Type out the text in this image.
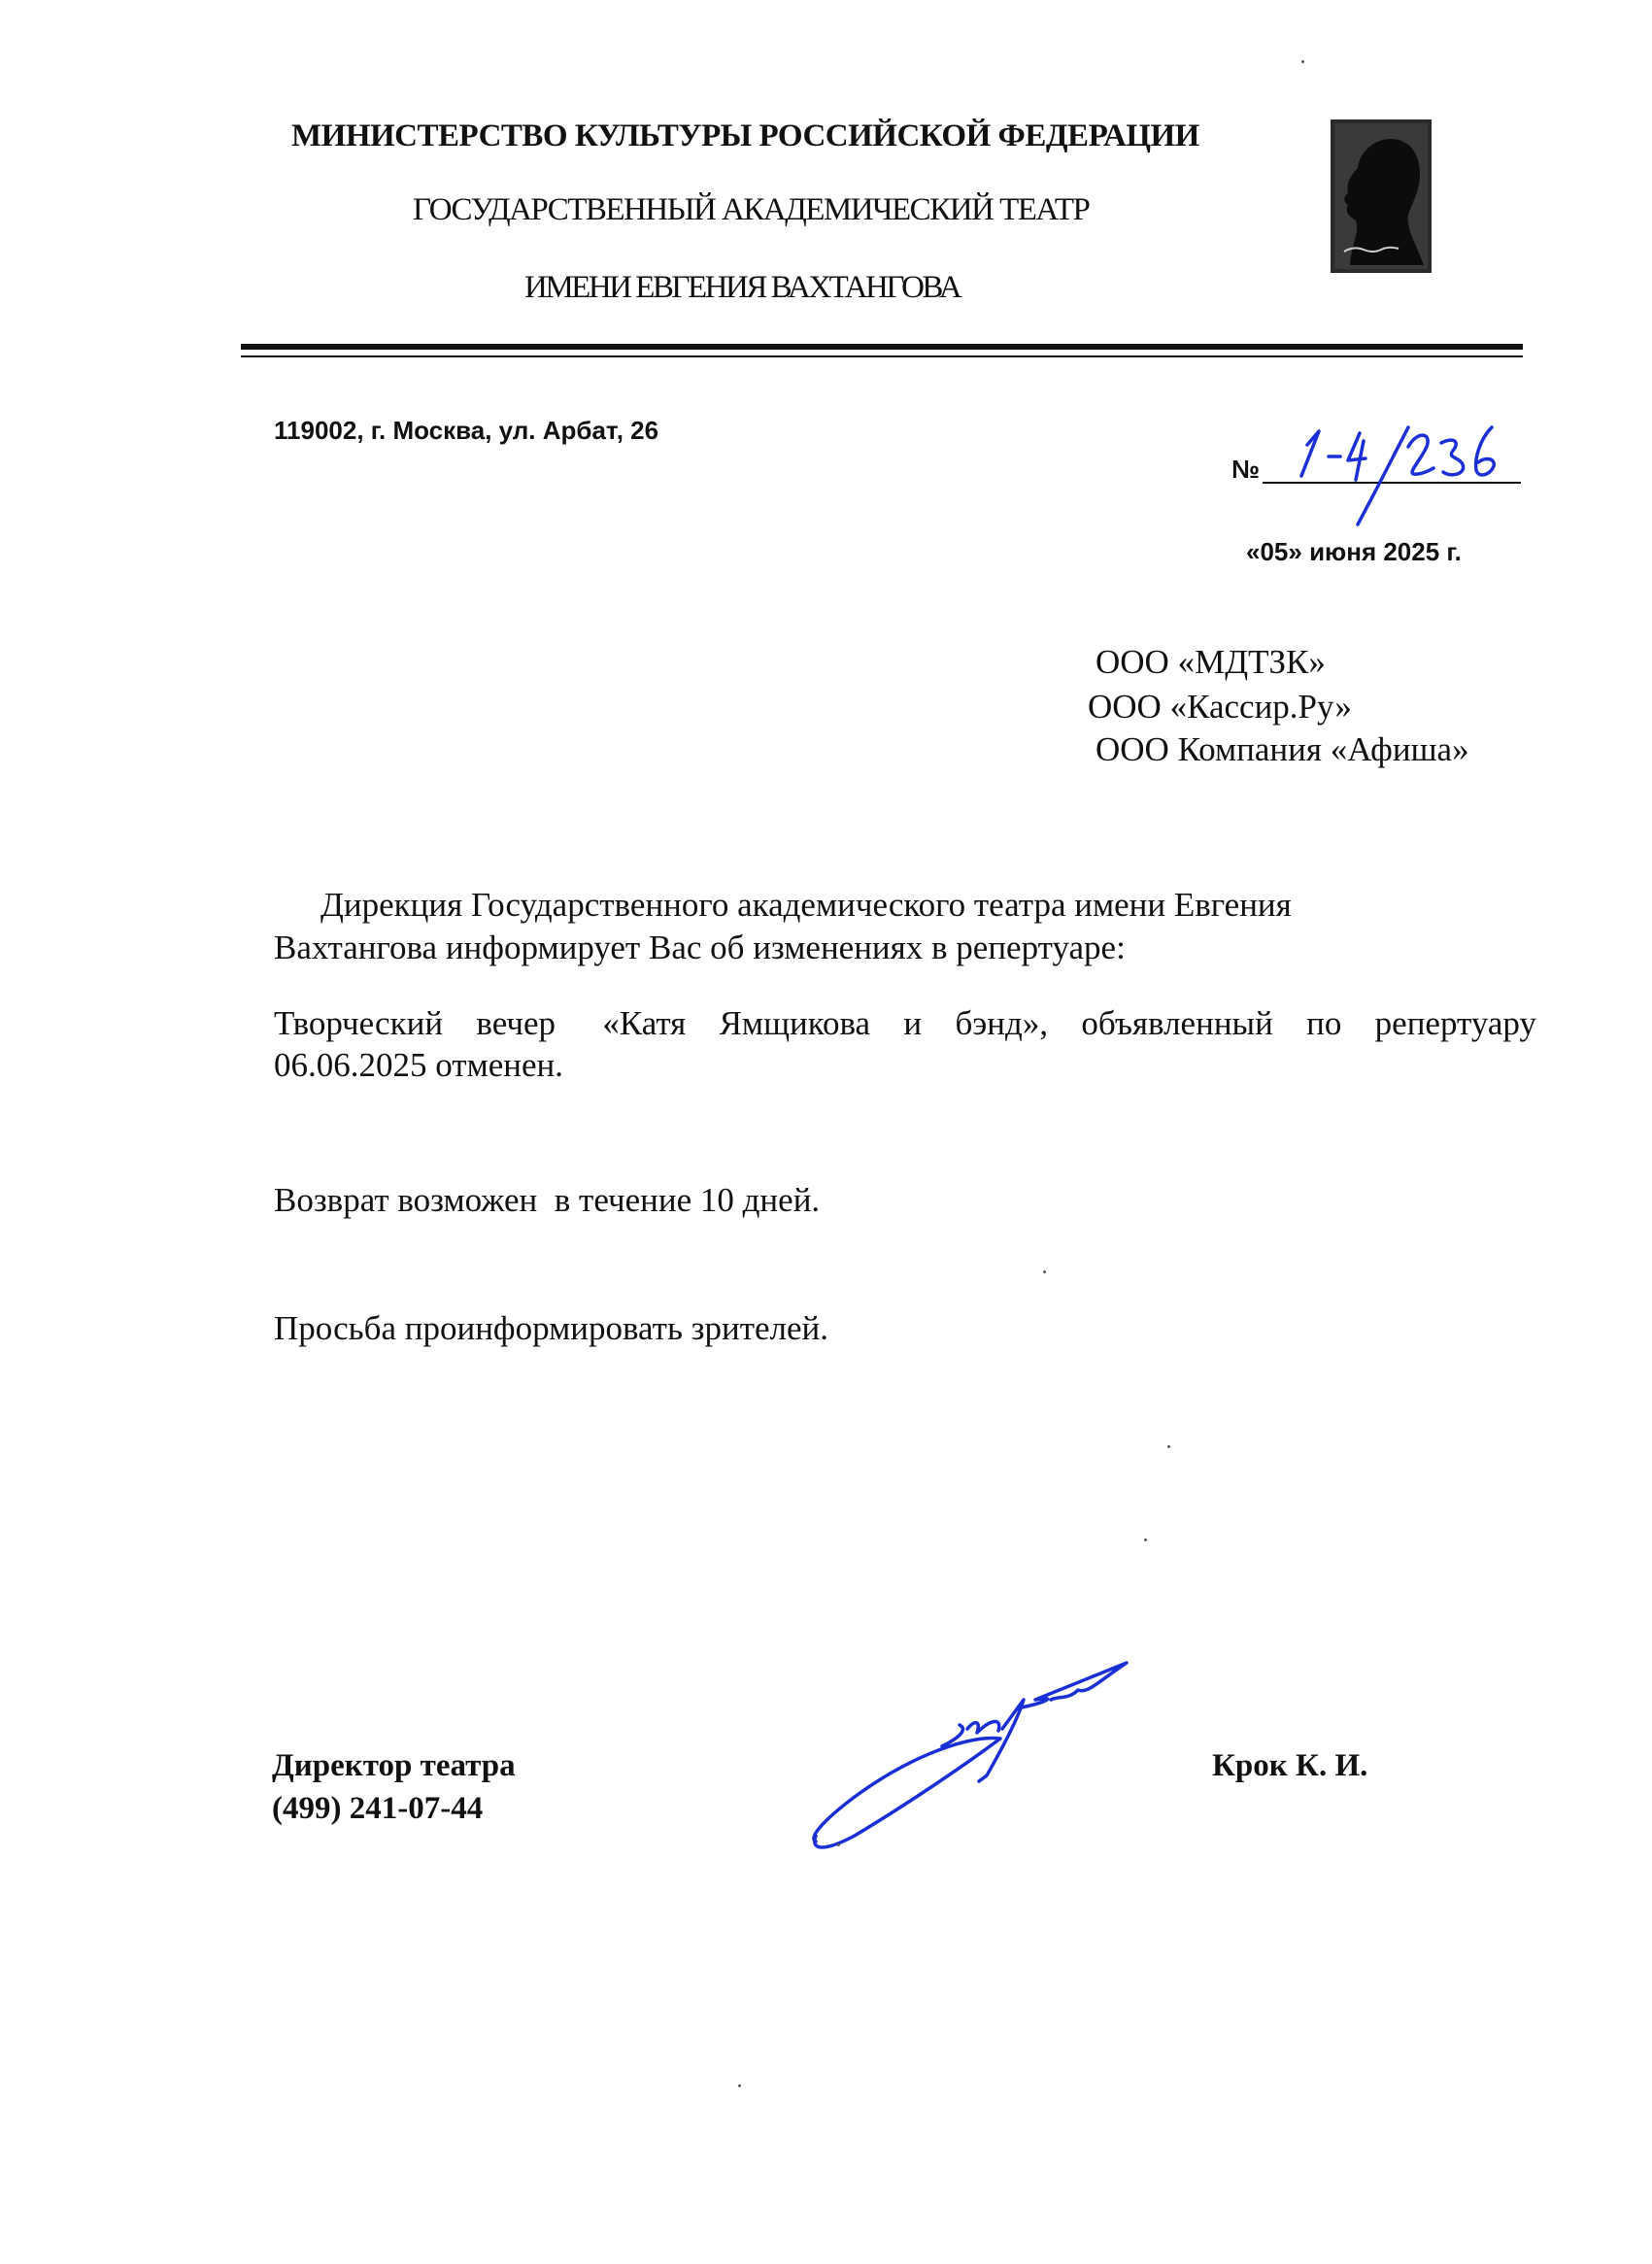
МИНИСТЕРСТВО КУЛЬТУРЫ РОССИЙСКОЙ ФЕДЕРАЦИИ
ГОСУДАРСТВЕННЫЙ АКАДЕМИЧЕСКИЙ ТЕАТР
ИМЕНИ ЕВГЕНИЯ ВАХТАНГОВА
119002, г. Москва, ул. Арбат, 26
№
«05» июня 2025 г.
ООО «МДТЗК»
ООО «Кассир.Ру»
ООО Компания «Афиша»
Дирекция Государственного академического театра имени Евгения
Вахтангова информирует Вас об изменениях в репертуаре:
Творческий вечер «Катя Ямщикова и бэнд», объявленный по репертуару
06.06.2025 отменен.
Возврат возможен  в течение 10 дней.
Просьба проинформировать зрителей.
Директор театра
(499) 241-07-44
Крок К. И.
